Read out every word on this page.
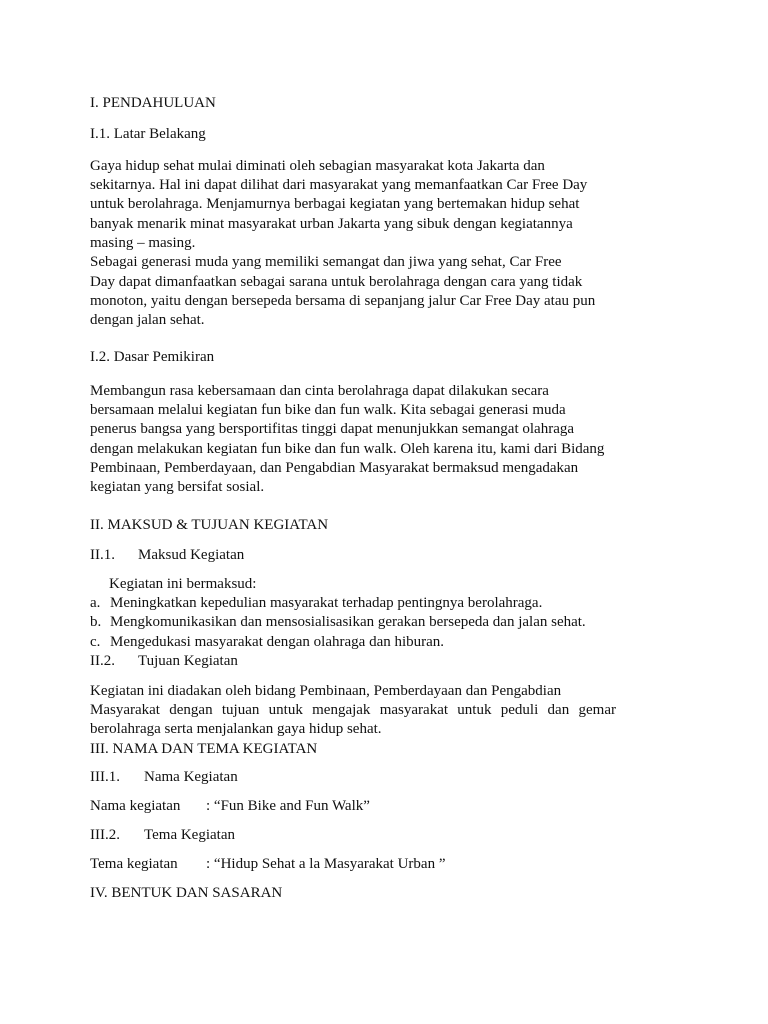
I. PENDAHULUAN
I.1. Latar Belakang
Gaya hidup sehat mulai diminati oleh sebagian masyarakat kota Jakarta dan
sekitarnya. Hal ini dapat dilihat dari masyarakat yang memanfaatkan Car Free Day
untuk berolahraga. Menjamurnya berbagai kegiatan yang bertemakan hidup sehat
banyak menarik minat masyarakat urban Jakarta yang sibuk dengan kegiatannya
masing – masing.
Sebagai generasi muda yang memiliki semangat dan jiwa yang sehat, Car Free
Day dapat dimanfaatkan sebagai sarana untuk berolahraga dengan cara yang tidak
monoton, yaitu dengan bersepeda bersama di sepanjang jalur Car Free Day atau pun
dengan jalan sehat.
I.2. Dasar Pemikiran
Membangun rasa kebersamaan dan cinta berolahraga dapat dilakukan secara
bersamaan melalui kegiatan fun bike dan fun walk. Kita sebagai generasi muda
penerus bangsa yang bersportifitas tinggi dapat menunjukkan semangat olahraga
dengan melakukan kegiatan fun bike dan fun walk. Oleh karena itu, kami dari Bidang
Pembinaan, Pemberdayaan, dan Pengabdian Masyarakat bermaksud mengadakan
kegiatan yang bersifat sosial.
II. MAKSUD & TUJUAN KEGIATAN
II.1. Maksud Kegiatan
Kegiatan ini bermaksud:
a. Meningkatkan kepedulian masyarakat terhadap pentingnya berolahraga.
b. Mengkomunikasikan dan mensosialisasikan gerakan bersepeda dan jalan sehat.
c. Mengedukasi masyarakat dengan olahraga dan hiburan.
II.2. Tujuan Kegiatan
Kegiatan ini diadakan oleh bidang Pembinaan, Pemberdayaan dan Pengabdian
Masyarakat dengan tujuan untuk mengajak masyarakat untuk peduli dan gemar
berolahraga serta menjalankan gaya hidup sehat.
III. NAMA DAN TEMA KEGIATAN
III.1. Nama Kegiatan
Nama kegiatan : “Fun Bike and Fun Walk”
III.2. Tema Kegiatan
Tema kegiatan : “Hidup Sehat a la Masyarakat Urban ”
IV. BENTUK DAN SASARAN
